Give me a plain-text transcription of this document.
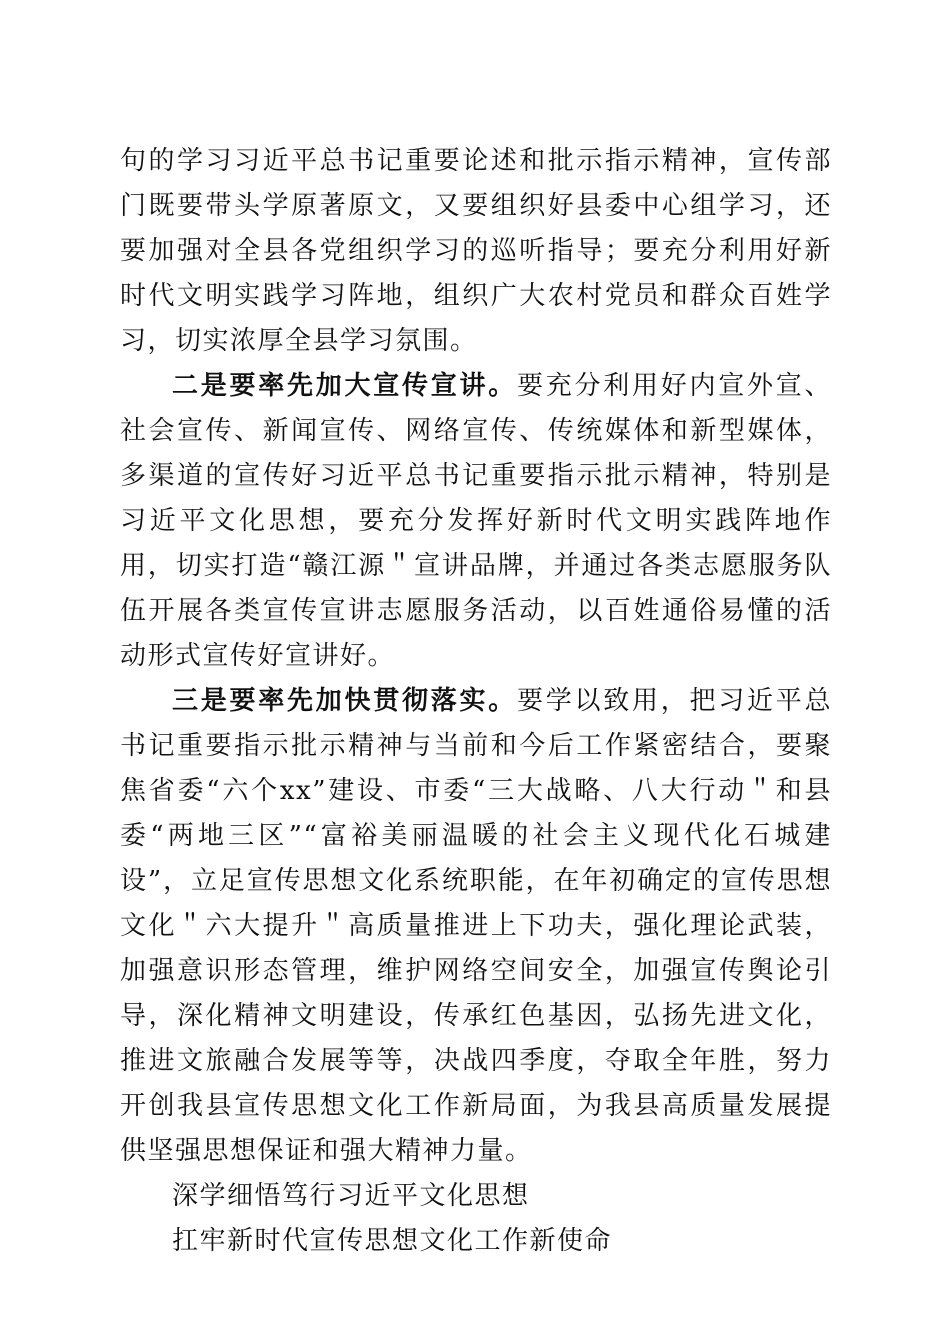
句的学习习近平总书记重要论述和批示指示精神，宣传部门既要带头学原著原文，又要组织好县委中心组学习，还要加强对全县各党组织学习的巡听指导；要充分利用好新时代文明实践学习阵地，组织广大农村党员和群众百姓学习，切实浓厚全县学习氛围。

二是要率先加大宣传宣讲。要充分利用好内宣外宣、社会宣传、新闻宣传、网络宣传、传统媒体和新型媒体，多渠道的宣传好习近平总书记重要指示批示精神，特别是习近平文化思想，要充分发挥好新时代文明实践阵地作用，切实打造“赣江源＂宣讲品牌，并通过各类志愿服务队伍开展各类宣传宣讲志愿服务活动，以百姓通俗易懂的活动形式宣传好宣讲好。

三是要率先加快贯彻落实。要学以致用，把习近平总书记重要指示批示精神与当前和今后工作紧密结合，要聚焦省委“六个xx”建设、市委“三大战略、八大行动＂和县委“两地三区”“富裕美丽温暖的社会主义现代化石城建设”，立足宣传思想文化系统职能，在年初确定的宣传思想文化＂六大提升＂高质量推进上下功夫，强化理论武装，加强意识形态管理，维护网络空间安全，加强宣传舆论引导，深化精神文明建设，传承红色基因，弘扬先进文化，推进文旅融合发展等等，决战四季度，夺取全年胜，努力开创我县宣传思想文化工作新局面，为我县高质量发展提供坚强思想保证和强大精神力量。

深学细悟笃行习近平文化思想

扛牢新时代宣传思想文化工作新使命
